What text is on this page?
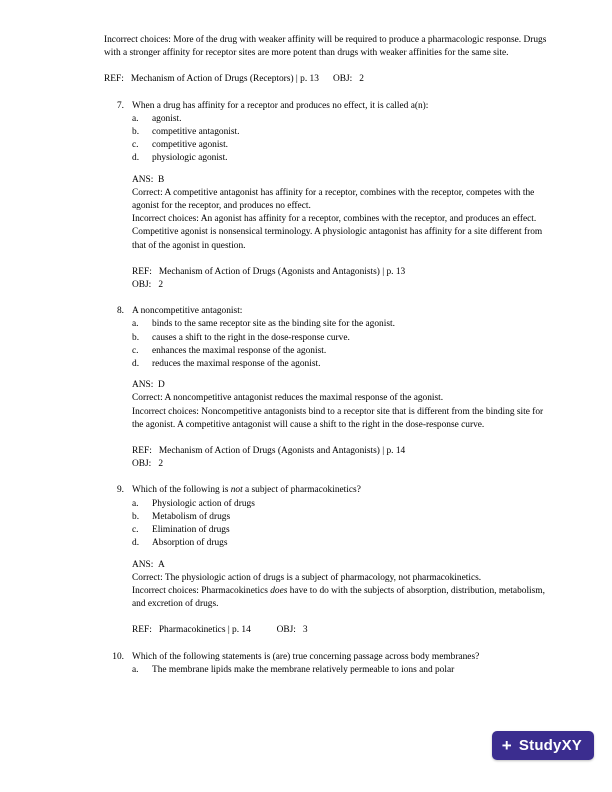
Incorrect choices: More of the drug with weaker affinity will be required to produce a pharmacologic response. Drugs with a stronger affinity for receptor sites are more potent than drugs with weaker affinities for the same site.

REF: Mechanism of Action of Drugs (Receptors) | p. 13 OBJ: 2
7. When a drug has affinity for a receptor and produces no effect, it is called a(n):
a.	agonist.
b.	competitive antagonist.
c.	competitive agonist.
d.	physiologic agonist.
ANS: B
Correct: A competitive antagonist has affinity for a receptor, combines with the receptor, competes with the agonist for the receptor, and produces no effect.
Incorrect choices: An agonist has affinity for a receptor, combines with the receptor, and produces an effect. Competitive agonist is nonsensical terminology. A physiologic antagonist has affinity for a site different from that of the agonist in question.
REF: Mechanism of Action of Drugs (Agonists and Antagonists) | p. 13
OBJ: 2
8. A noncompetitive antagonist:
a.	binds to the same receptor site as the binding site for the agonist.
b.	causes a shift to the right in the dose-response curve.
c.	enhances the maximal response of the agonist.
d.	reduces the maximal response of the agonist.
ANS: D
Correct: A noncompetitive antagonist reduces the maximal response of the agonist.
Incorrect choices: Noncompetitive antagonists bind to a receptor site that is different from the binding site for the agonist. A competitive antagonist will cause a shift to the right in the dose-response curve.
REF: Mechanism of Action of Drugs (Agonists and Antagonists) | p. 14
OBJ: 2
9. Which of the following is not a subject of pharmacokinetics?
a.	Physiologic action of drugs
b.	Metabolism of drugs
c.	Elimination of drugs
d.	Absorption of drugs
ANS: A
Correct: The physiologic action of drugs is a subject of pharmacology, not pharmacokinetics.
Incorrect choices: Pharmacokinetics does have to do with the subjects of absorption, distribution, metabolism, and excretion of drugs.
REF: Pharmacokinetics | p. 14	OBJ: 3
10. Which of the following statements is (are) true concerning passage across body membranes?
a.	The membrane lipids make the membrane relatively permeable to ions and polar
+ StudyXY
